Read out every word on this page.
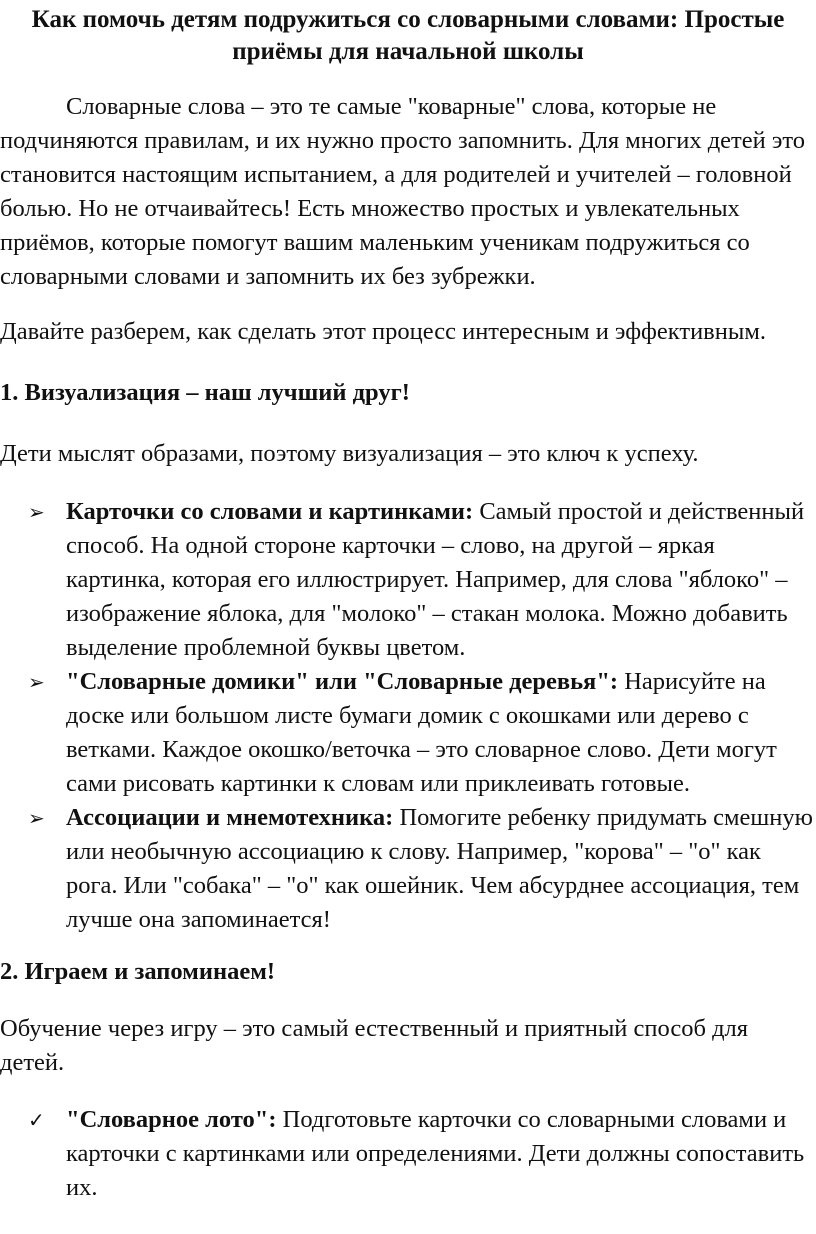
Как помочь детям подружиться со словарными словами: Простые приёмы для начальной школы

Словарные слова – это те самые "коварные" слова, которые не подчиняются правилам, и их нужно просто запомнить. Для многих детей это становится настоящим испытанием, а для родителей и учителей – головной болью. Но не отчаивайтесь! Есть множество простых и увлекательных приёмов, которые помогут вашим маленьким ученикам подружиться со словарными словами и запомнить их без зубрежки.

Давайте разберем, как сделать этот процесс интересным и эффективным.

1. Визуализация – наш лучший друг!

Дети мыслят образами, поэтому визуализация – это ключ к успеху.

➢ Карточки со словами и картинками: Самый простой и действенный способ. На одной стороне карточки – слово, на другой – яркая картинка, которая его иллюстрирует. Например, для слова "яблоко" – изображение яблока, для "молоко" – стакан молока. Можно добавить выделение проблемной буквы цветом.
➢ "Словарные домики" или "Словарные деревья": Нарисуйте на доске или большом листе бумаги домик с окошками или дерево с ветками. Каждое окошко/веточка – это словарное слово. Дети могут сами рисовать картинки к словам или приклеивать готовые.
➢ Ассоциации и мнемотехника: Помогите ребенку придумать смешную или необычную ассоциацию к слову. Например, "корова" – "о" как рога. Или "собака" – "о" как ошейник. Чем абсурднее ассоциация, тем лучше она запоминается!
2. Играем и запоминаем!

Обучение через игру – это самый естественный и приятный способ для детей.

✓ "Словарное лото": Подготовьте карточки со словарными словами и карточки с картинками или определениями. Дети должны сопоставить их.
